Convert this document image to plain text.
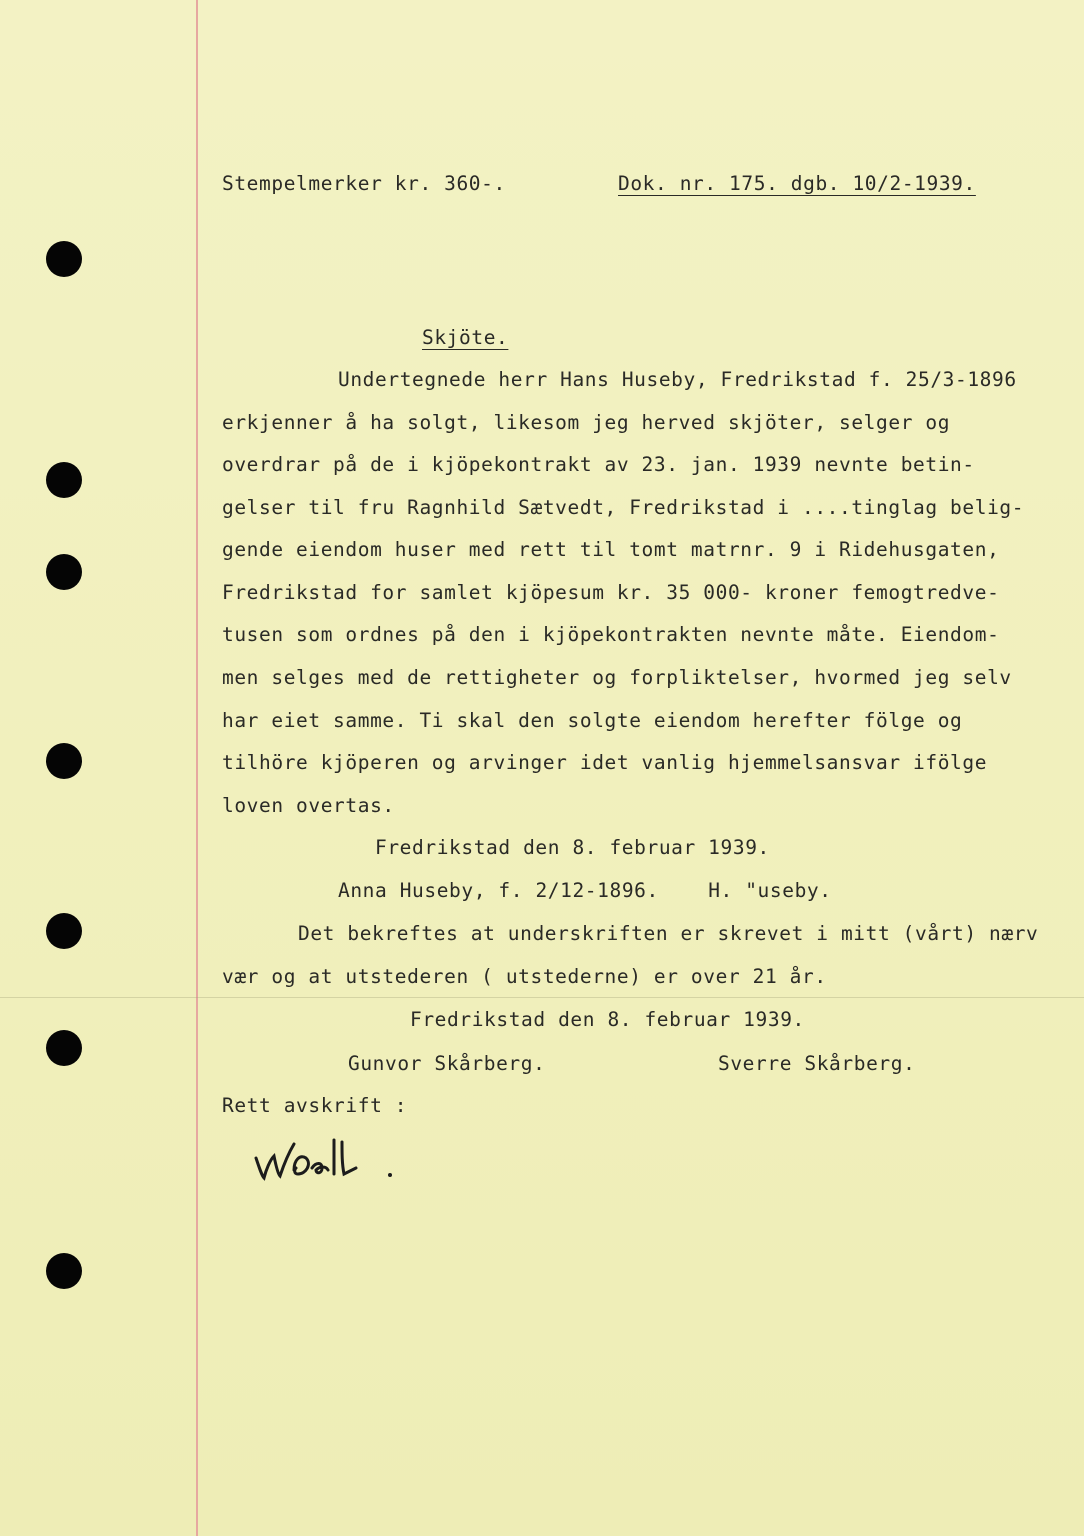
Stempelmerker kr. 360-.	Dok. nr. 175. dgb. 10/2-1939.
Skjöte.
Undertegnede herr Hans Huseby, Fredrikstad f. 25/3-1896
erkjenner å ha solgt, likesom jeg herved skjöter, selger og
overdrar på de i kjöpekontrakt av 23. jan. 1939 nevnte betin-
gelser til fru Ragnhild Sætvedt, Fredrikstad i ....tinglag belig-
gende eiendom huser med rett til tomt matrnr. 9 i Ridehusgaten,
Fredrikstad for samlet kjöpesum kr. 35 000- kroner femogtredve-
tusen som ordnes på den i kjöpekontrakten nevnte måte. Eiendom-
men selges med de rettigheter og forpliktelser, hvormed jeg selv
har eiet samme. Ti skal den solgte eiendom herefter fölge og
tilhöre kjöperen og arvinger idet vanlig hjemmelsansvar ifölge
loven overtas.
Fredrikstad den 8. februar 1939.
Anna Huseby, f. 2/12-1896.    H. "useby.
Det bekreftes at underskriften er skrevet i mitt (vårt) nærv
vær og at utstederen ( utstederne) er over 21 år.
Fredrikstad den 8. februar 1939.
Gunvor Skårberg.	Sverre Skårberg.
Rett avskrift :
